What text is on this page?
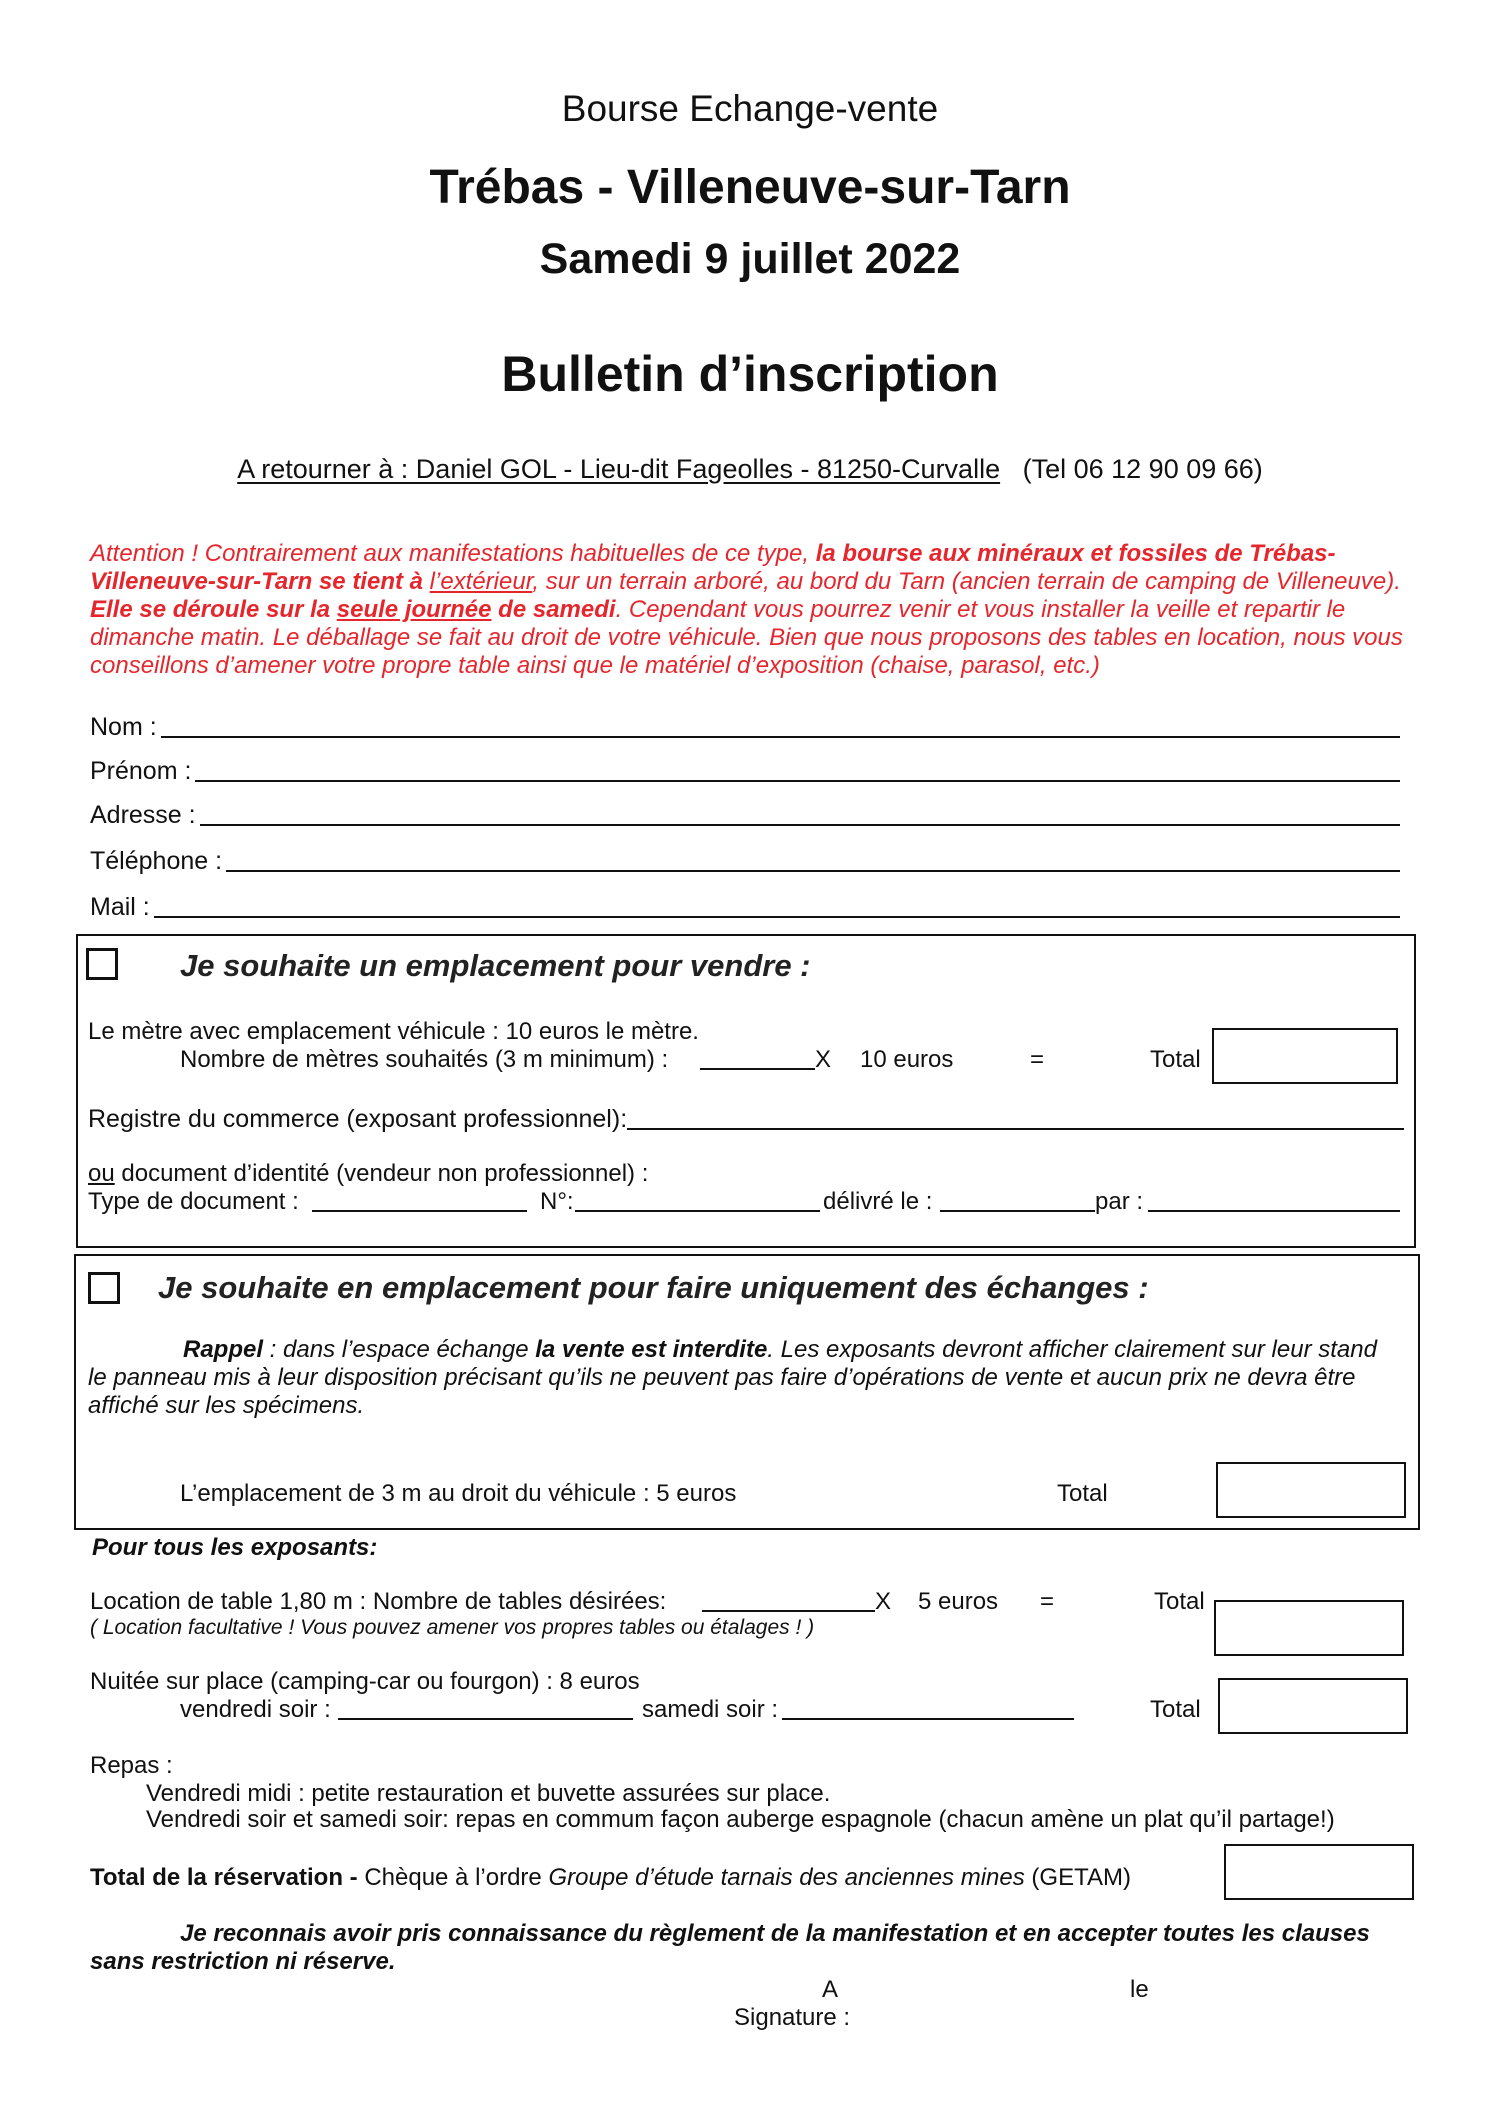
Bourse Echange-vente
Trébas - Villeneuve-sur-Tarn
Samedi 9 juillet 2022
Bulletin d’inscription
A retourner à : Daniel GOL - Lieu-dit Fageolles - 81250-Curvalle (Tel 06 12 90 09 66)
Attention ! Contrairement aux manifestations habituelles de ce type, la bourse aux minéraux et fossiles de Trébas-Villeneuve-sur-Tarn se tient à l’extérieur, sur un terrain arboré, au bord du Tarn (ancien terrain de camping de Villeneuve). Elle se déroule sur la seule journée de samedi. Cependant vous pourrez venir et vous installer la veille et repartir le dimanche matin. Le déballage se fait au droit de votre véhicule. Bien que nous proposons des tables en location, nous vous conseillons d’amener votre propre table ainsi que le matériel d’exposition (chaise, parasol, etc.)
Nom :
Prénom :
Adresse :
Téléphone :
Mail :
Je souhaite un emplacement pour vendre :
Le mètre avec emplacement véhicule : 10 euros le mètre.
Nombre de mètres souhaités (3 m minimum) :	X 10 euros	=	Total
Registre du commerce (exposant professionnel):
ou document d’identité (vendeur non professionnel) :
Type de document :	N°:	délivré le :	par :
Je souhaite en emplacement pour faire uniquement des échanges :
Rappel : dans l’espace échange la vente est interdite. Les exposants devront afficher clairement sur leur stand le panneau mis à leur disposition précisant qu’ils ne peuvent pas faire d’opérations de vente et aucun prix ne devra être affiché sur les spécimens.
L’emplacement de 3 m au droit du véhicule : 5 euros	Total
Pour tous les exposants:
Location de table 1,80 m : Nombre de tables désirées:	X 5 euros =	Total
( Location facultative ! Vous pouvez amener vos propres tables ou étalages ! )
Nuitée sur place (camping-car ou fourgon) : 8 euros
vendredi soir :	samedi soir :	Total
Repas :
Vendredi midi : petite restauration et buvette assurées sur place.
Vendredi soir et samedi soir: repas en commum façon auberge espagnole (chacun amène un plat qu’il partage!)
Total de la réservation - Chèque à l’ordre Groupe d’étude tarnais des anciennes mines (GETAM)
Je reconnais avoir pris connaissance du règlement de la manifestation et en accepter toutes les clauses sans restriction ni réserve.
A	le
Signature :
